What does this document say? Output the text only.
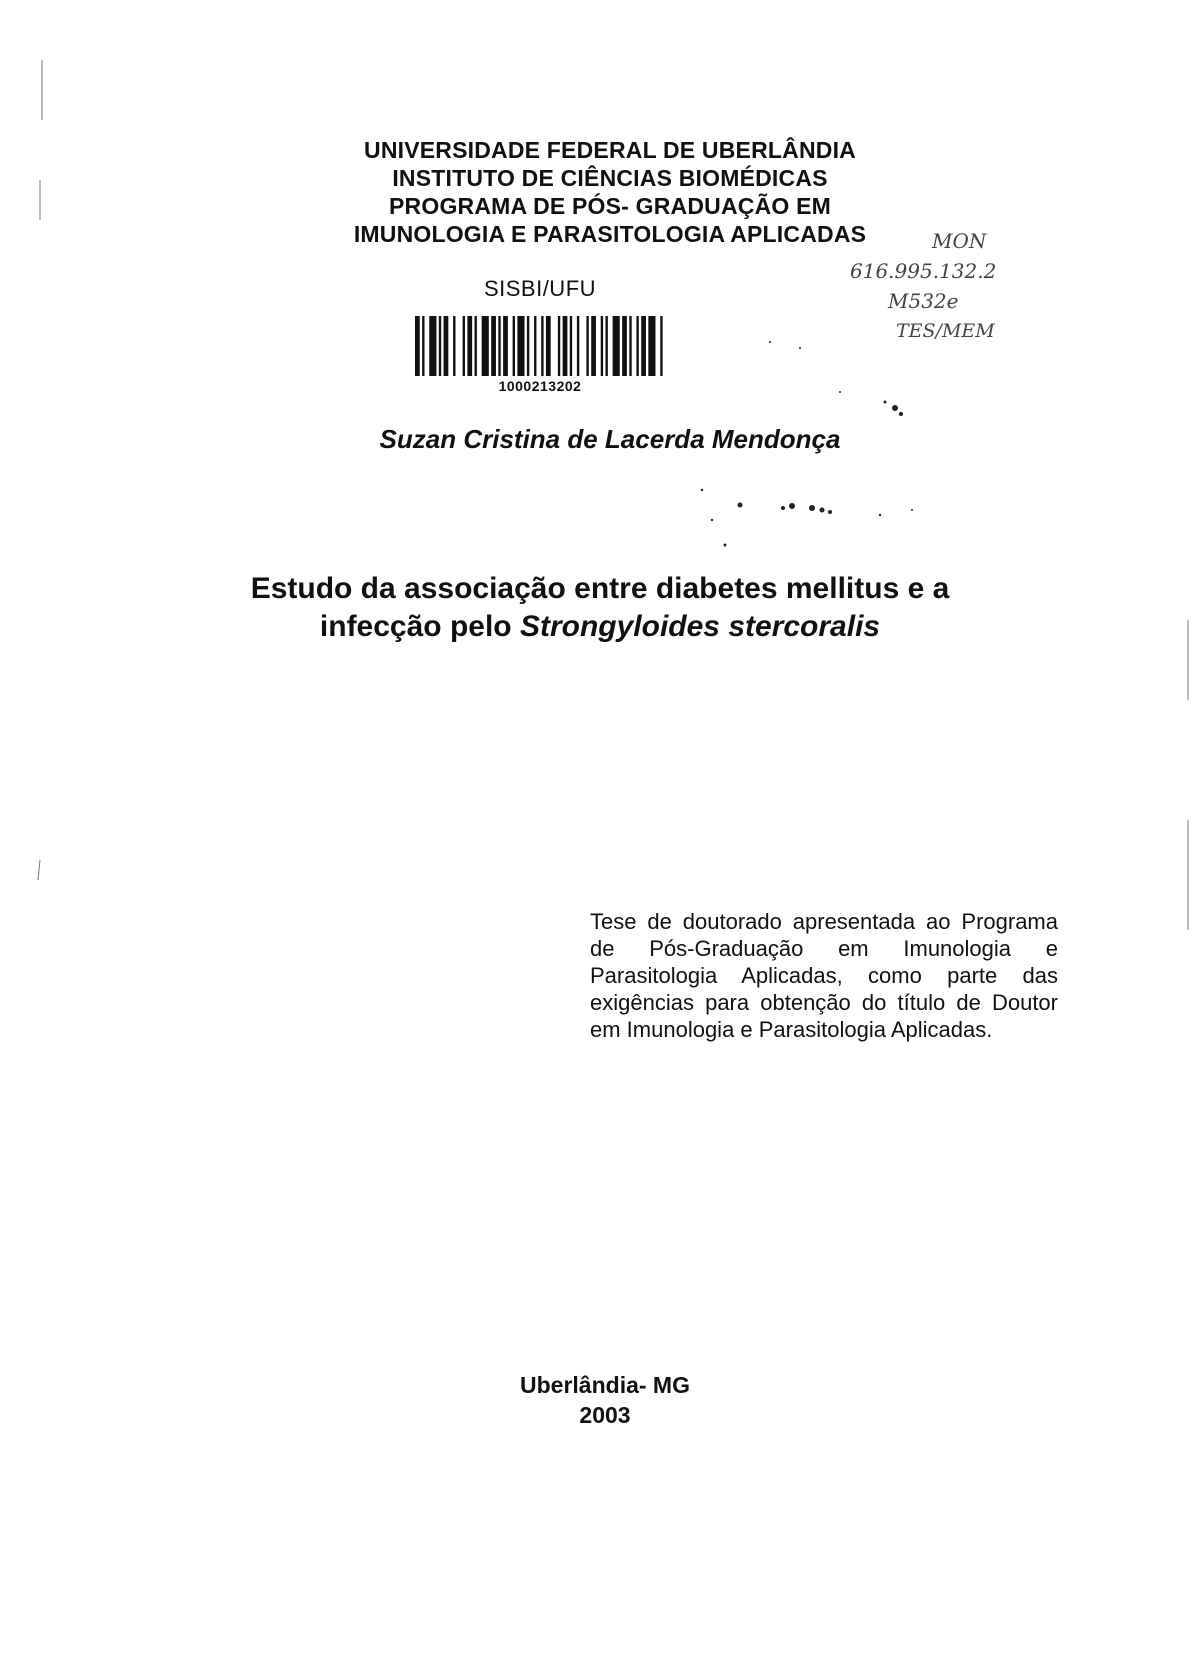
UNIVERSIDADE FEDERAL DE UBERLÂNDIA
INSTITUTO DE CIÊNCIAS BIOMÉDICAS
PROGRAMA DE PÓS- GRADUAÇÃO EM
IMUNOLOGIA E PARASITOLOGIA APLICADAS
SISBI/UFU
1000213202
MON
616.995.132.2
M532e
TES/MEM
Suzan Cristina de Lacerda Mendonça
Estudo da associação entre diabetes mellitus e a
infecção pelo Strongyloides stercoralis
Tese de doutorado apresentada ao Programa de Pós-Graduação em Imunologia e Parasitologia Aplicadas, como parte das exigências para obtenção do título de Doutor em Imunologia e Parasitologia Aplicadas.
Uberlândia- MG
2003
